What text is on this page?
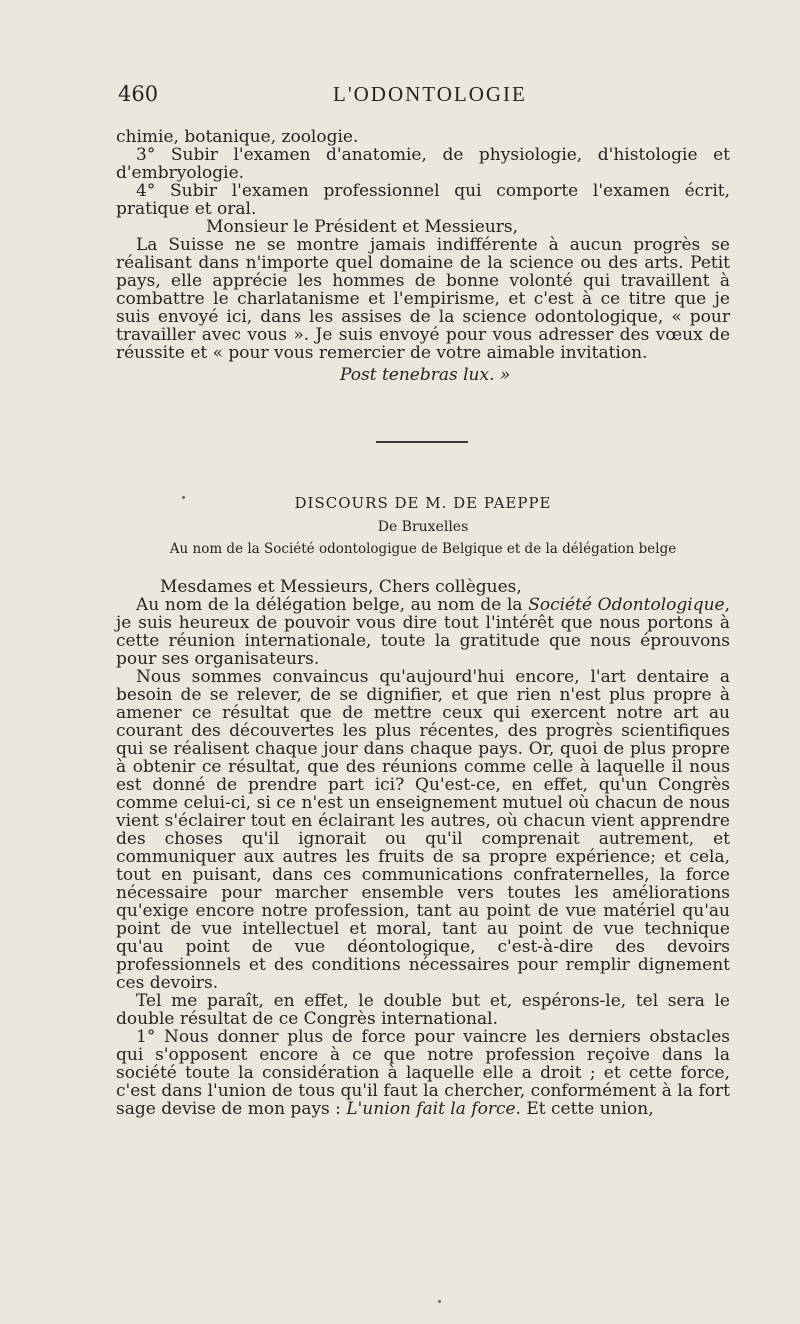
460	L'ODONTOLOGIE

chimie, botanique, zoologie.

3° Subir l'examen d'anatomie, de physiologie, d'histologie et d'embryologie.

4° Subir l'examen professionnel qui comporte l'examen écrit, pratique et oral.

Monsieur le Président et Messieurs,

La Suisse ne se montre jamais indifférente à aucun progrès se réalisant dans n'importe quel domaine de la science ou des arts. Petit pays, elle apprécie les hommes de bonne volonté qui travaillent à combattre le charlatanisme et l'empirisme, et c'est à ce titre que je suis envoyé ici, dans les assises de la science odontologique, « pour travailler avec vous ». Je suis envoyé pour vous adresser des vœux de réussite et « pour vous remercier de votre aimable invitation.

Post tenebras lux. »

DISCOURS DE M. DE PAEPPE
De Bruxelles
Au nom de la Société odontologigue de Belgique et de la délégation belge

Mesdames et Messieurs, Chers collègues,

Au nom de la délégation belge, au nom de la Société Odontologique, je suis heureux de pouvoir vous dire tout l'intérêt que nous portons à cette réunion internationale, toute la gratitude que nous éprouvons pour ses organisateurs.

Nous sommes convaincus qu'aujourd'hui encore, l'art dentaire a besoin de se relever, de se dignifier, et que rien n'est plus propre à amener ce résultat que de mettre ceux qui exercent notre art au courant des découvertes les plus récentes, des progrès scientifiques qui se réalisent chaque jour dans chaque pays. Or, quoi de plus propre à obtenir ce résultat, que des réunions comme celle à laquelle il nous est donné de prendre part ici? Qu'est-ce, en effet, qu'un Congrès comme celui-ci, si ce n'est un enseignement mutuel où chacun de nous vient s'éclairer tout en éclairant les autres, où chacun vient apprendre des choses qu'il ignorait ou qu'il comprenait autrement, et communiquer aux autres les fruits de sa propre expérience; et cela, tout en puisant, dans ces communications confraternelles, la force nécessaire pour marcher ensemble vers toutes les améliorations qu'exige encore notre profession, tant au point de vue matériel qu'au point de vue intellectuel et moral, tant au point de vue technique qu'au point de vue déontologique, c'est-à-dire des devoirs professionnels et des conditions nécessaires pour remplir dignement ces devoirs.

Tel me paraît, en effet, le double but et, espérons-le, tel sera le double résultat de ce Congrès international.

1° Nous donner plus de force pour vaincre les derniers obstacles qui s'opposent encore à ce que notre profession reçoive dans la société toute la considération à laquelle elle a droit ; et cette force, c'est dans l'union de tous qu'il faut la chercher, conformément à la fort sage devise de mon pays : L'union fait la force. Et cette union,
